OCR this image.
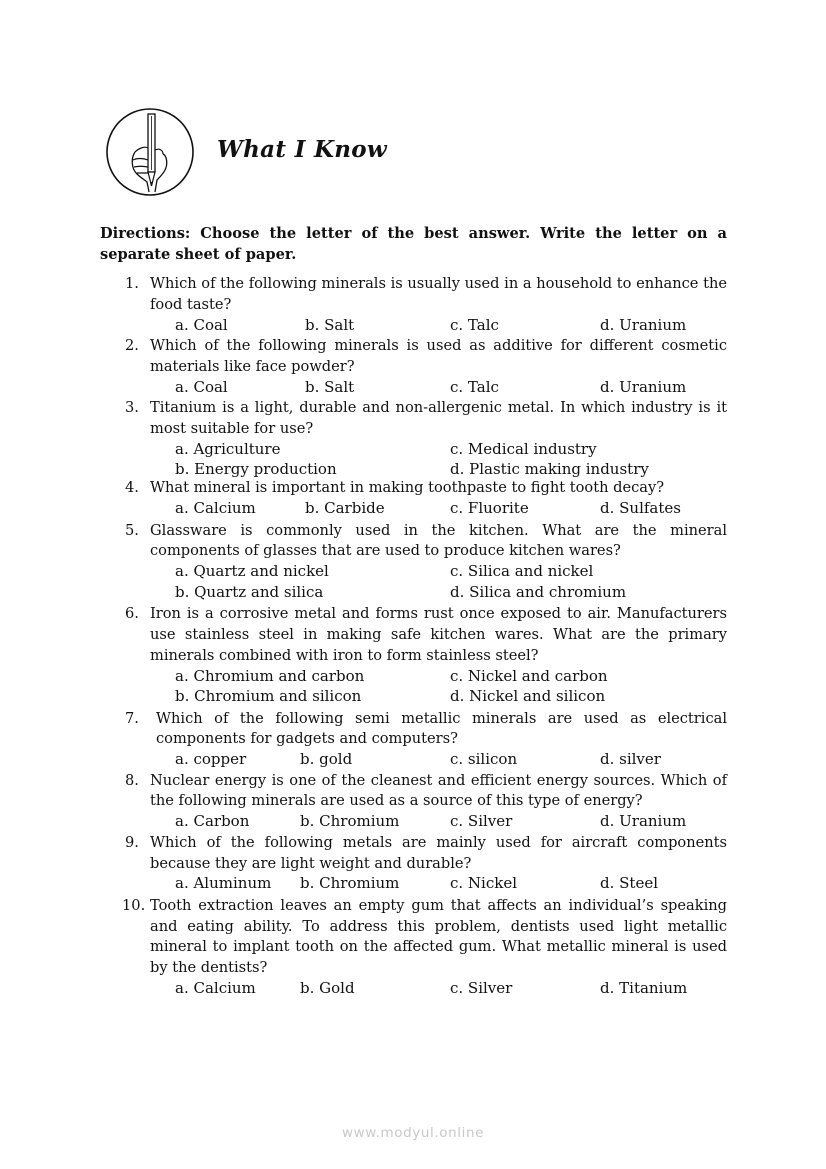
What I Know
Directions: Choose the letter of the best answer. Write the letter on a separate sheet of paper.
1. Which of the following minerals is usually used in a household to enhance the food taste?
a. Coal	b. Salt	c. Talc	d. Uranium
2. Which of the following minerals is used as additive for different cosmetic materials like face powder?
a. Coal	b. Salt	c. Talc	d. Uranium
3. Titanium is a light, durable and non-allergenic metal. In which industry is it most suitable for use?
a. Agriculture	c. Medical industry
b. Energy production	d. Plastic making industry
4. What mineral is important in making toothpaste to fight tooth decay?
a. Calcium	b. Carbide	c. Fluorite	d. Sulfates
5. Glassware is commonly used in the kitchen. What are the mineral components of glasses that are used to produce kitchen wares?
a. Quartz and nickel	c. Silica and nickel
b. Quartz and silica	d. Silica and chromium
6. Iron is a corrosive metal and forms rust once exposed to air. Manufacturers use stainless steel in making safe kitchen wares. What are the primary minerals combined with iron to form stainless steel?
a. Chromium and carbon	c. Nickel and carbon
b. Chromium and silicon	d. Nickel and silicon
7.	Which of the following semi metallic minerals are used as electrical components for gadgets and computers?
a. copper	b. gold	c. silicon	d. silver
8. Nuclear energy is one of the cleanest and efficient energy sources. Which of the following minerals are used as a source of this type of energy?
a. Carbon	b. Chromium	c. Silver	d. Uranium
9. Which of the following metals are mainly used for aircraft components because they are light weight and durable?
a. Aluminum b. Chromium	c. Nickel	d. Steel
10. Tooth extraction leaves an empty gum that affects an individual’s speaking and eating ability. To address this problem, dentists used light metallic mineral to implant tooth on the affected gum. What metallic mineral is used by the dentists?
a. Calcium	b. Gold	c. Silver	d. Titanium
www.modyul.online
